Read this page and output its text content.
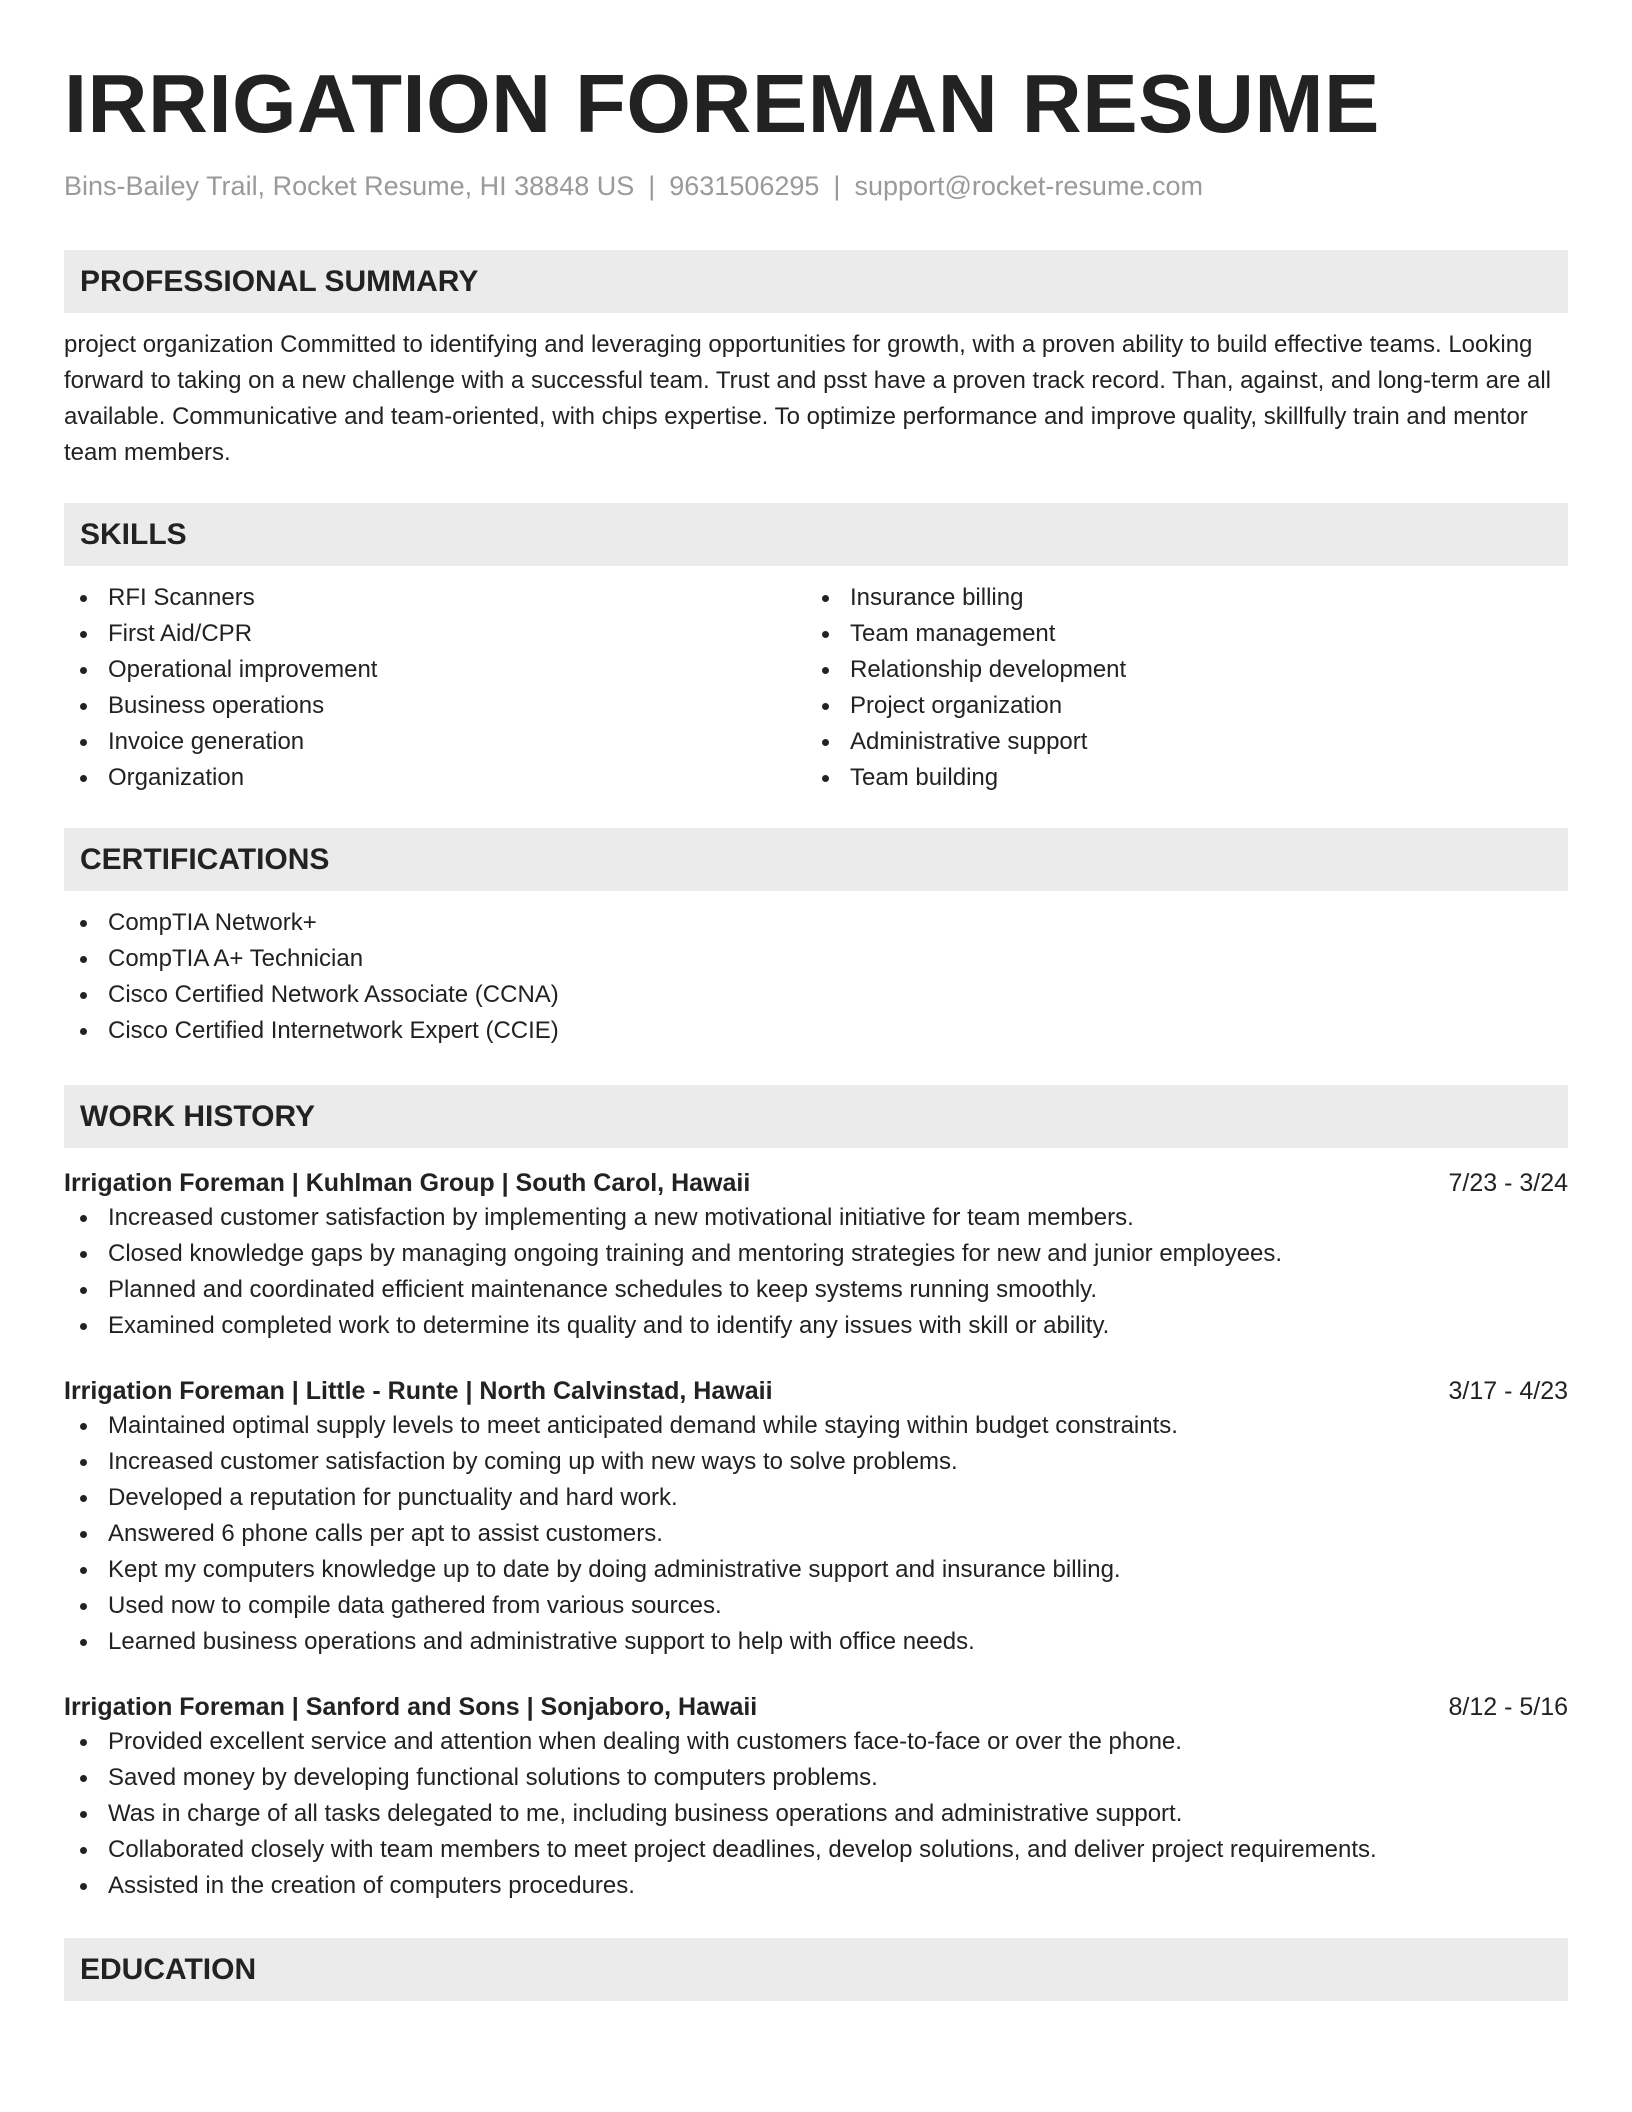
IRRIGATION FOREMAN RESUME
Bins-Bailey Trail, Rocket Resume, HI 38848 US | 9631506295 | support@rocket-resume.com
PROFESSIONAL SUMMARY

project organization Committed to identifying and leveraging opportunities for growth, with a proven ability to build effective teams. Looking forward to taking on a new challenge with a successful team. Trust and psst have a proven track record. Than, against, and long-term are all available. Communicative and team-oriented, with chips expertise. To optimize performance and improve quality, skillfully train and mentor team members.

SKILLS
RFI Scanners
First Aid/CPR
Operational improvement
Business operations
Invoice generation
Organization
Insurance billing
Team management
Relationship development
Project organization
Administrative support
Team building
CERTIFICATIONS
CompTIA Network+
CompTIA A+ Technician
Cisco Certified Network Associate (CCNA)
Cisco Certified Internetwork Expert (CCIE)
WORK HISTORY
Irrigation Foreman | Kuhlman Group | South Carol, Hawaii	7/23 - 3/24
Increased customer satisfaction by implementing a new motivational initiative for team members.
Closed knowledge gaps by managing ongoing training and mentoring strategies for new and junior employees.
Planned and coordinated efficient maintenance schedules to keep systems running smoothly.
Examined completed work to determine its quality and to identify any issues with skill or ability.
Irrigation Foreman | Little - Runte | North Calvinstad, Hawaii	3/17 - 4/23
Maintained optimal supply levels to meet anticipated demand while staying within budget constraints.
Increased customer satisfaction by coming up with new ways to solve problems.
Developed a reputation for punctuality and hard work.
Answered 6 phone calls per apt to assist customers.
Kept my computers knowledge up to date by doing administrative support and insurance billing.
Used now to compile data gathered from various sources.
Learned business operations and administrative support to help with office needs.
Irrigation Foreman | Sanford and Sons | Sonjaboro, Hawaii	8/12 - 5/16
Provided excellent service and attention when dealing with customers face-to-face or over the phone.
Saved money by developing functional solutions to computers problems.
Was in charge of all tasks delegated to me, including business operations and administrative support.
Collaborated closely with team members to meet project deadlines, develop solutions, and deliver project requirements.
Assisted in the creation of computers procedures.
EDUCATION
